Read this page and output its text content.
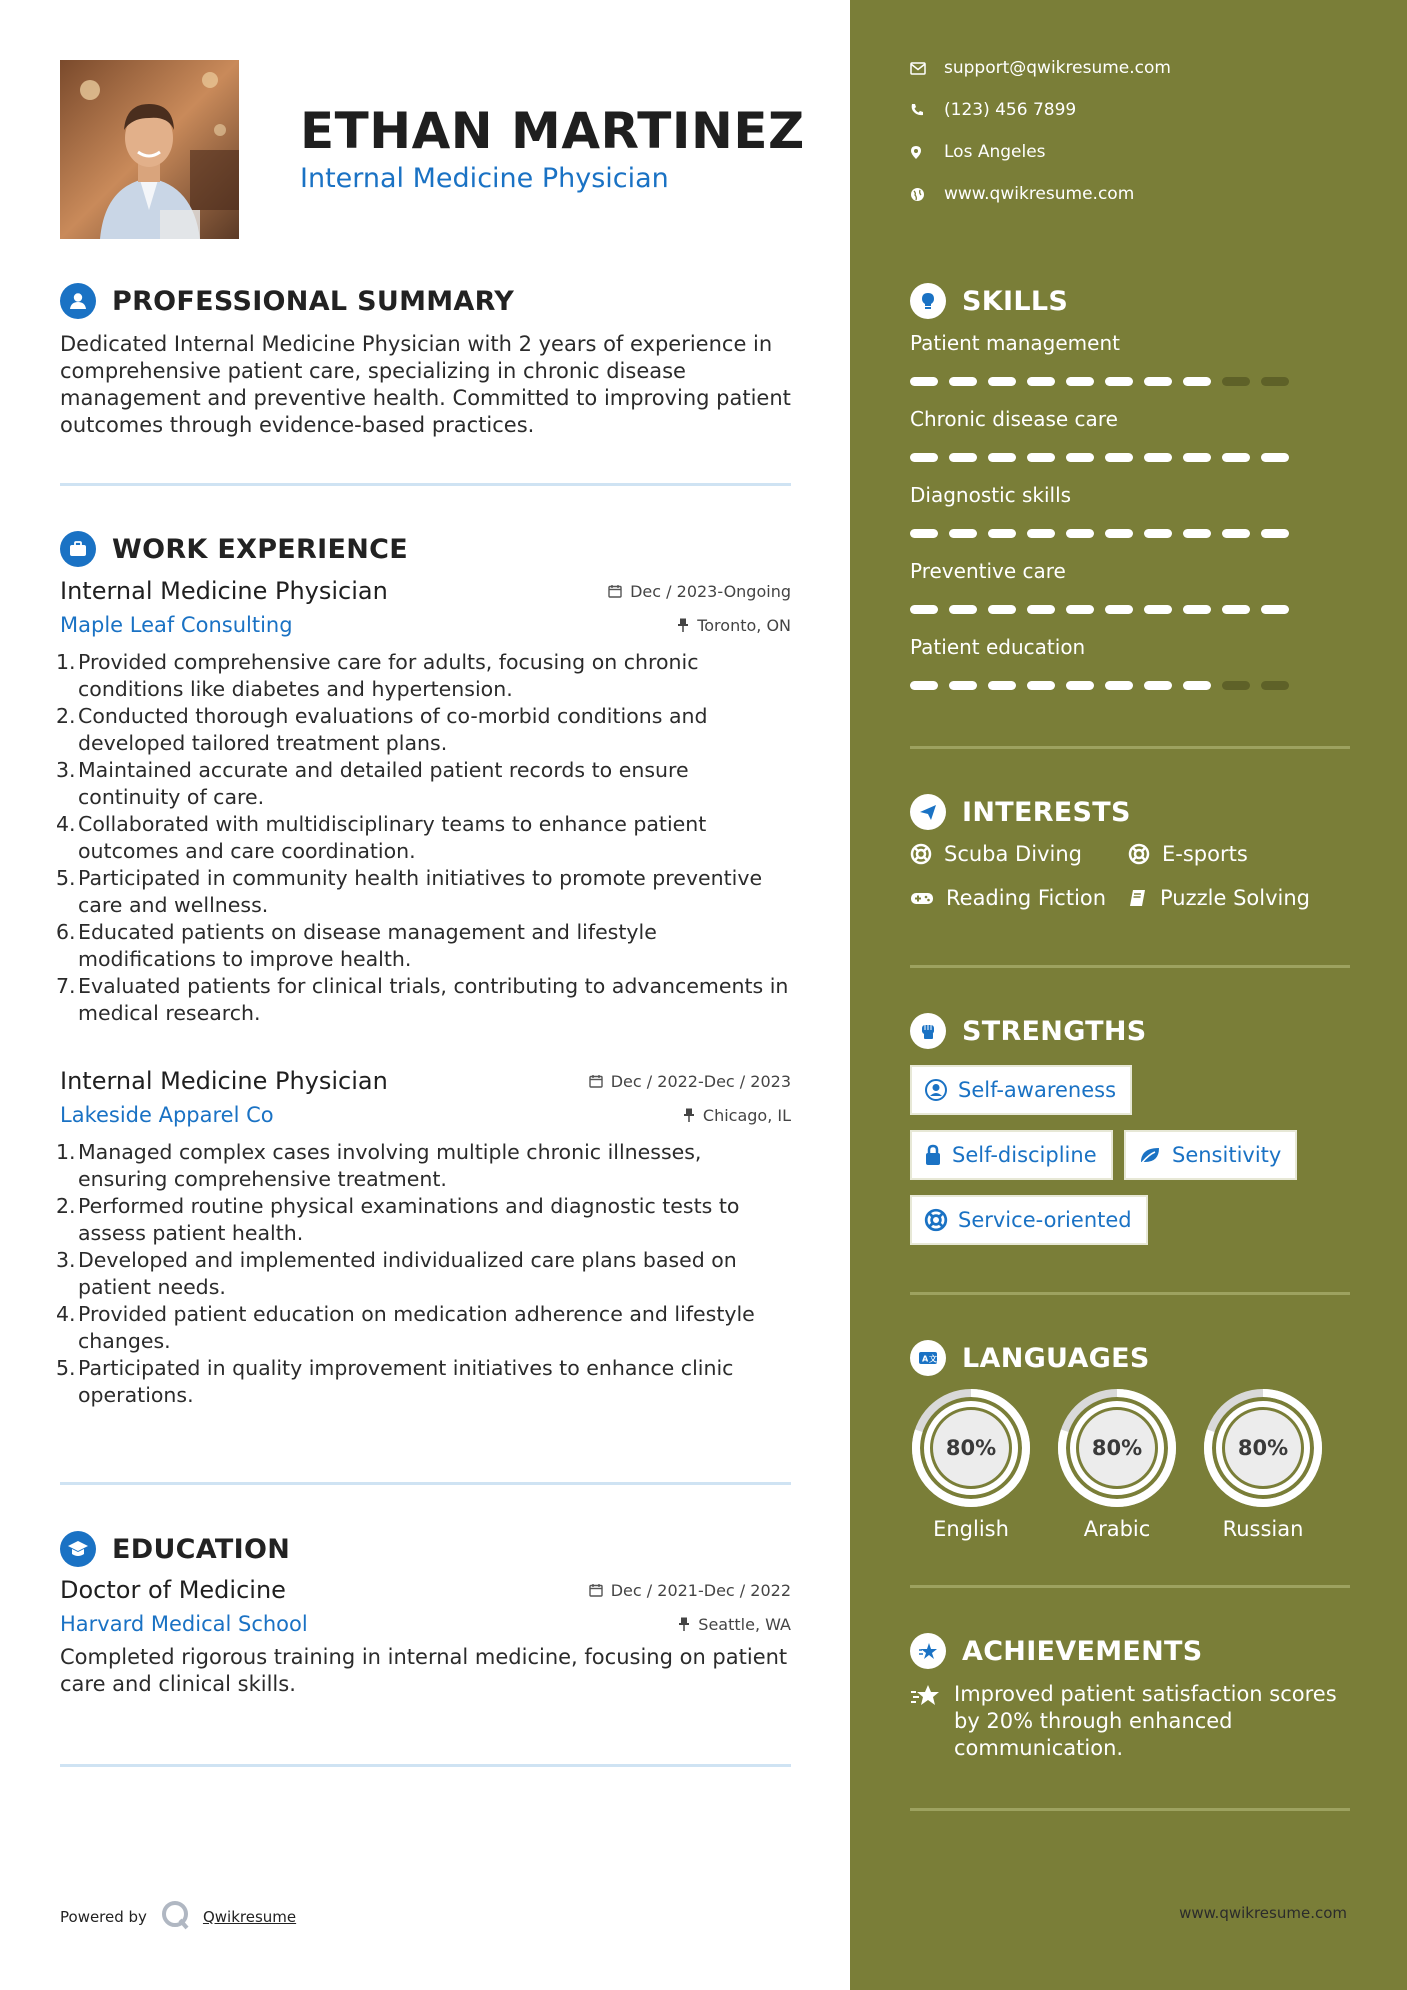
ETHAN MARTINEZ
Internal Medicine Physician
PROFESSIONAL SUMMARY

Dedicated Internal Medicine Physician with 2 years of experience in comprehensive patient care, specializing in chronic disease management and preventive health. Committed to improving patient outcomes through evidence-based practices.

WORK EXPERIENCE
Internal Medicine Physician	Dec / 2023-Ongoing
Maple Leaf Consulting	Toronto, ON
1. Provided comprehensive care for adults, focusing on chronic conditions like diabetes and hypertension.
2. Conducted thorough evaluations of co-morbid conditions and developed tailored treatment plans.
3. Maintained accurate and detailed patient records to ensure continuity of care.
4. Collaborated with multidisciplinary teams to enhance patient outcomes and care coordination.
5. Participated in community health initiatives to promote preventive care and wellness.
6. Educated patients on disease management and lifestyle modifications to improve health.
7. Evaluated patients for clinical trials, contributing to advancements in medical research.
Internal Medicine Physician	Dec / 2022-Dec / 2023
Lakeside Apparel Co	Chicago, IL
1. Managed complex cases involving multiple chronic illnesses, ensuring comprehensive treatment.
2. Performed routine physical examinations and diagnostic tests to assess patient health.
3. Developed and implemented individualized care plans based on patient needs.
4. Provided patient education on medication adherence and lifestyle changes.
5. Participated in quality improvement initiatives to enhance clinic operations.
EDUCATION
Doctor of Medicine	Dec / 2021-Dec / 2022
Harvard Medical School	Seattle, WA

Completed rigorous training in internal medicine, focusing on patient care and clinical skills.

Powered by	Qwikresume
support@qwikresume.com
(123) 456 7899
Los Angeles
www.qwikresume.com
SKILLS
INTERESTS
Scuba Diving	E-sports
Reading Fiction	Puzzle Solving
STRENGTHS
Self-awareness
Self-discipline	Sensitivity
Service-oriented
A 文 LANGUAGES
ACHIEVEMENTS
Improved patient satisfaction scores by 20% through enhanced communication.
www.qwikresume.com
Patient management
Chronic disease care
Diagnostic skills
Preventive care
Patient education
80%
English
80%
Arabic
80%
Russian
